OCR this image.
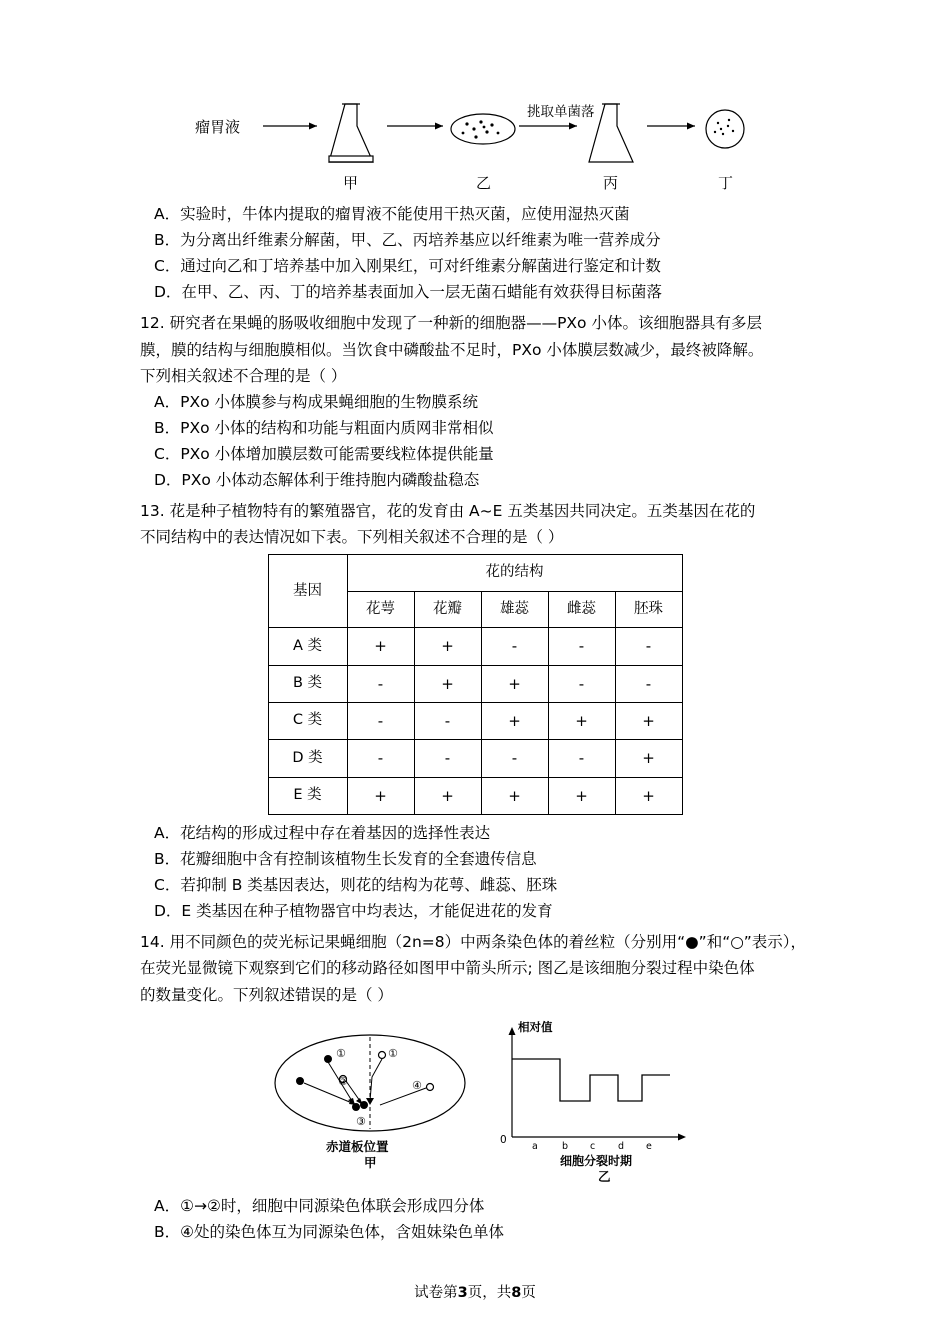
瘤胃液
挑取单菌落
甲	乙	丙	丁

A．实验时，牛体内提取的瘤胃液不能使用干热灭菌，应使用湿热灭菌

B．为分离出纤维素分解菌，甲、乙、丙培养基应以纤维素为唯一营养成分

C．通过向乙和丁培养基中加入刚果红，可对纤维素分解菌进行鉴定和计数

D．在甲、乙、丙、丁的培养基表面加入一层无菌石蜡能有效获得目标菌落

12. 研究者在果蝇的肠吸收细胞中发现了一种新的细胞器——PXo 小体。该细胞器具有多层

膜，膜的结构与细胞膜相似。当饮食中磷酸盐不足时，PXo 小体膜层数减少，最终被降解。

下列相关叙述不合理的是（ ）

A．PXo 小体膜参与构成果蝇细胞的生物膜系统

B．PXo 小体的结构和功能与粗面内质网非常相似

C．PXo 小体增加膜层数可能需要线粒体提供能量

D．PXo 小体动态解体利于维持胞内磷酸盐稳态

13. 花是种子植物特有的繁殖器官，花的发育由 A~E 五类基因共同决定。五类基因在花的

不同结构中的表达情况如下表。下列相关叙述不合理的是（ ）

基因	花的结构				
	花萼	花瓣	雄蕊	雌蕊	胚珠
A 类	+	+	-	-	-
B 类	-	+	+	-	-
C 类	-	-	+	+	+
D 类	-	-	-	-	+
E 类	+	+	+	+	+

A．花结构的形成过程中存在着基因的选择性表达

B．花瓣细胞中含有控制该植物生长发育的全套遗传信息

C．若抑制 B 类基因表达，则花的结构为花萼、雌蕊、胚珠

D．E 类基因在种子植物器官中均表达，才能促进花的发育

14. 用不同颜色的荧光标记果蝇细胞（2n=8）中两条染色体的着丝粒（分别用“●”和“○”表示），

在荧光显微镜下观察到它们的移动路径如图甲中箭头所示; 图乙是该细胞分裂过程中染色体

的数量变化。下列叙述错误的是（ ）

①	①
②	④
③
赤道板位置
甲
相对值
0
a	b c d e
细胞分裂时期
乙

A．①→②时，细胞中同源染色体联会形成四分体

B．④处的染色体互为同源染色体，含姐妹染色单体

试卷第3页，共8页
